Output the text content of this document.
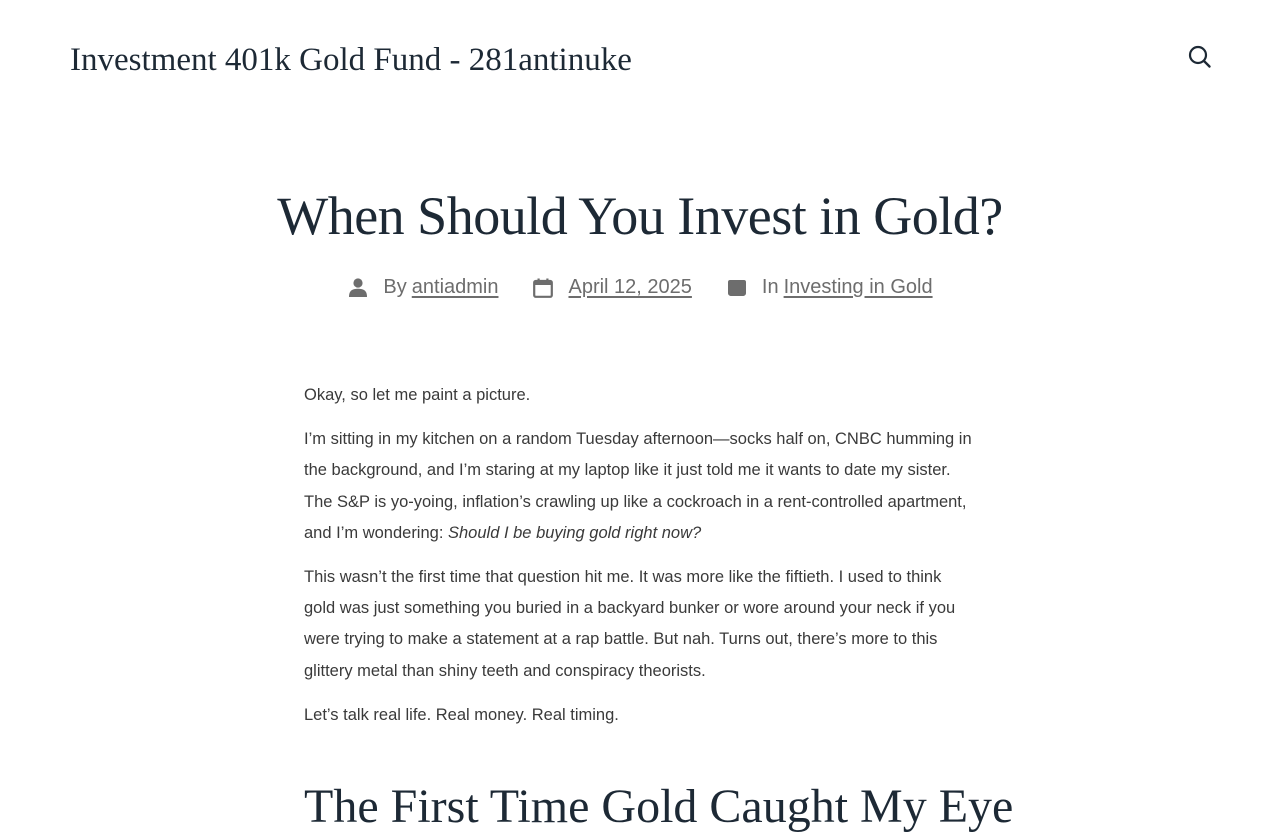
Investment 401k Gold Fund - 281antinuke
When Should You Invest in Gold?
By antiadmin	April 12, 2025	In Investing in Gold

Okay, so let me paint a picture.

I’m sitting in my kitchen on a random Tuesday afternoon—socks half on, CNBC humming in the background, and I’m staring at my laptop like it just told me it wants to date my sister. The S&P is yo-yoing, inflation’s crawling up like a cockroach in a rent-controlled apartment, and I’m wondering: Should I be buying gold right now?

This wasn’t the first time that question hit me. It was more like the fiftieth. I used to think gold was just something you buried in a backyard bunker or wore around your neck if you were trying to make a statement at a rap battle. But nah. Turns out, there’s more to this glittery metal than shiny teeth and conspiracy theorists.

Let’s talk real life. Real money. Real timing.

The First Time Gold Caught My Eye
